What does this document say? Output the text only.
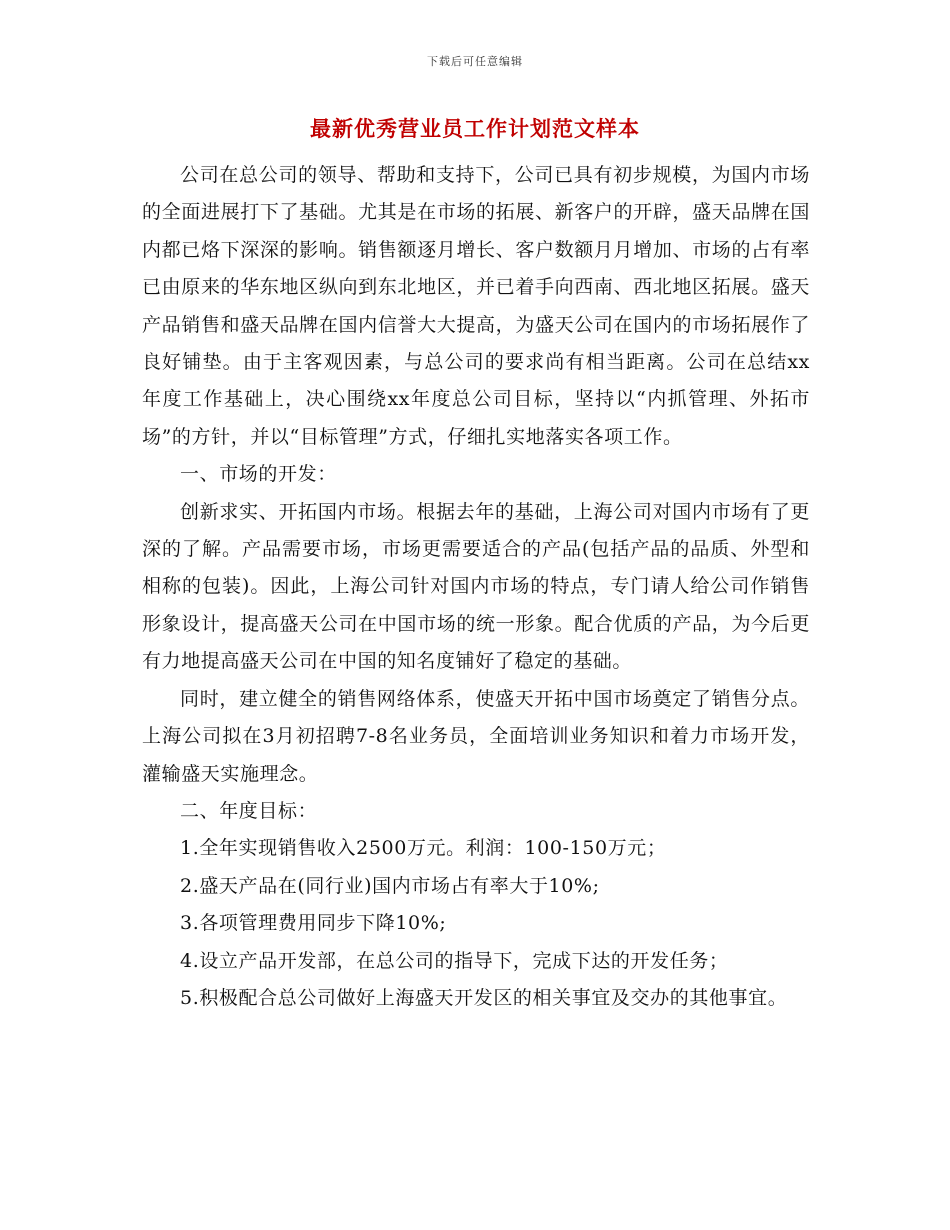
下载后可任意编辑
最新优秀营业员工作计划范文样本

公司在总公司的领导、帮助和支持下，公司已具有初步规模，为国内市场的全面进展打下了基础。尤其是在市场的拓展、新客户的开辟，盛天品牌在国内都已烙下深深的影响。销售额逐月增长、客户数额月月增加、市场的占有率已由原来的华东地区纵向到东北地区，并已着手向西南、西北地区拓展。盛天产品销售和盛天品牌在国内信誉大大提高，为盛天公司在国内的市场拓展作了良好铺垫。由于主客观因素，与总公司的要求尚有相当距离。公司在总结xx年度工作基础上，决心围绕xx年度总公司目标，坚持以“内抓管理、外拓市场”的方针，并以“目标管理”方式，仔细扎实地落实各项工作。

一、市场的开发：

创新求实、开拓国内市场。根据去年的基础，上海公司对国内市场有了更深的了解。产品需要市场，市场更需要适合的产品(包括产品的品质、外型和相称的包装)。因此，上海公司针对国内市场的特点，专门请人给公司作销售形象设计，提高盛天公司在中国市场的统一形象。配合优质的产品，为今后更有力地提高盛天公司在中国的知名度铺好了稳定的基础。

同时，建立健全的销售网络体系，使盛天开拓中国市场奠定了销售分点。上海公司拟在3月初招聘7-8名业务员，全面培训业务知识和着力市场开发，灌输盛天实施理念。

二、年度目标：

1.全年实现销售收入2500万元。利润：100-150万元；

2.盛天产品在(同行业)国内市场占有率大于10%;

3.各项管理费用同步下降10%;

4.设立产品开发部，在总公司的指导下，完成下达的开发任务；

5.积极配合总公司做好上海盛天开发区的相关事宜及交办的其他事宜。
